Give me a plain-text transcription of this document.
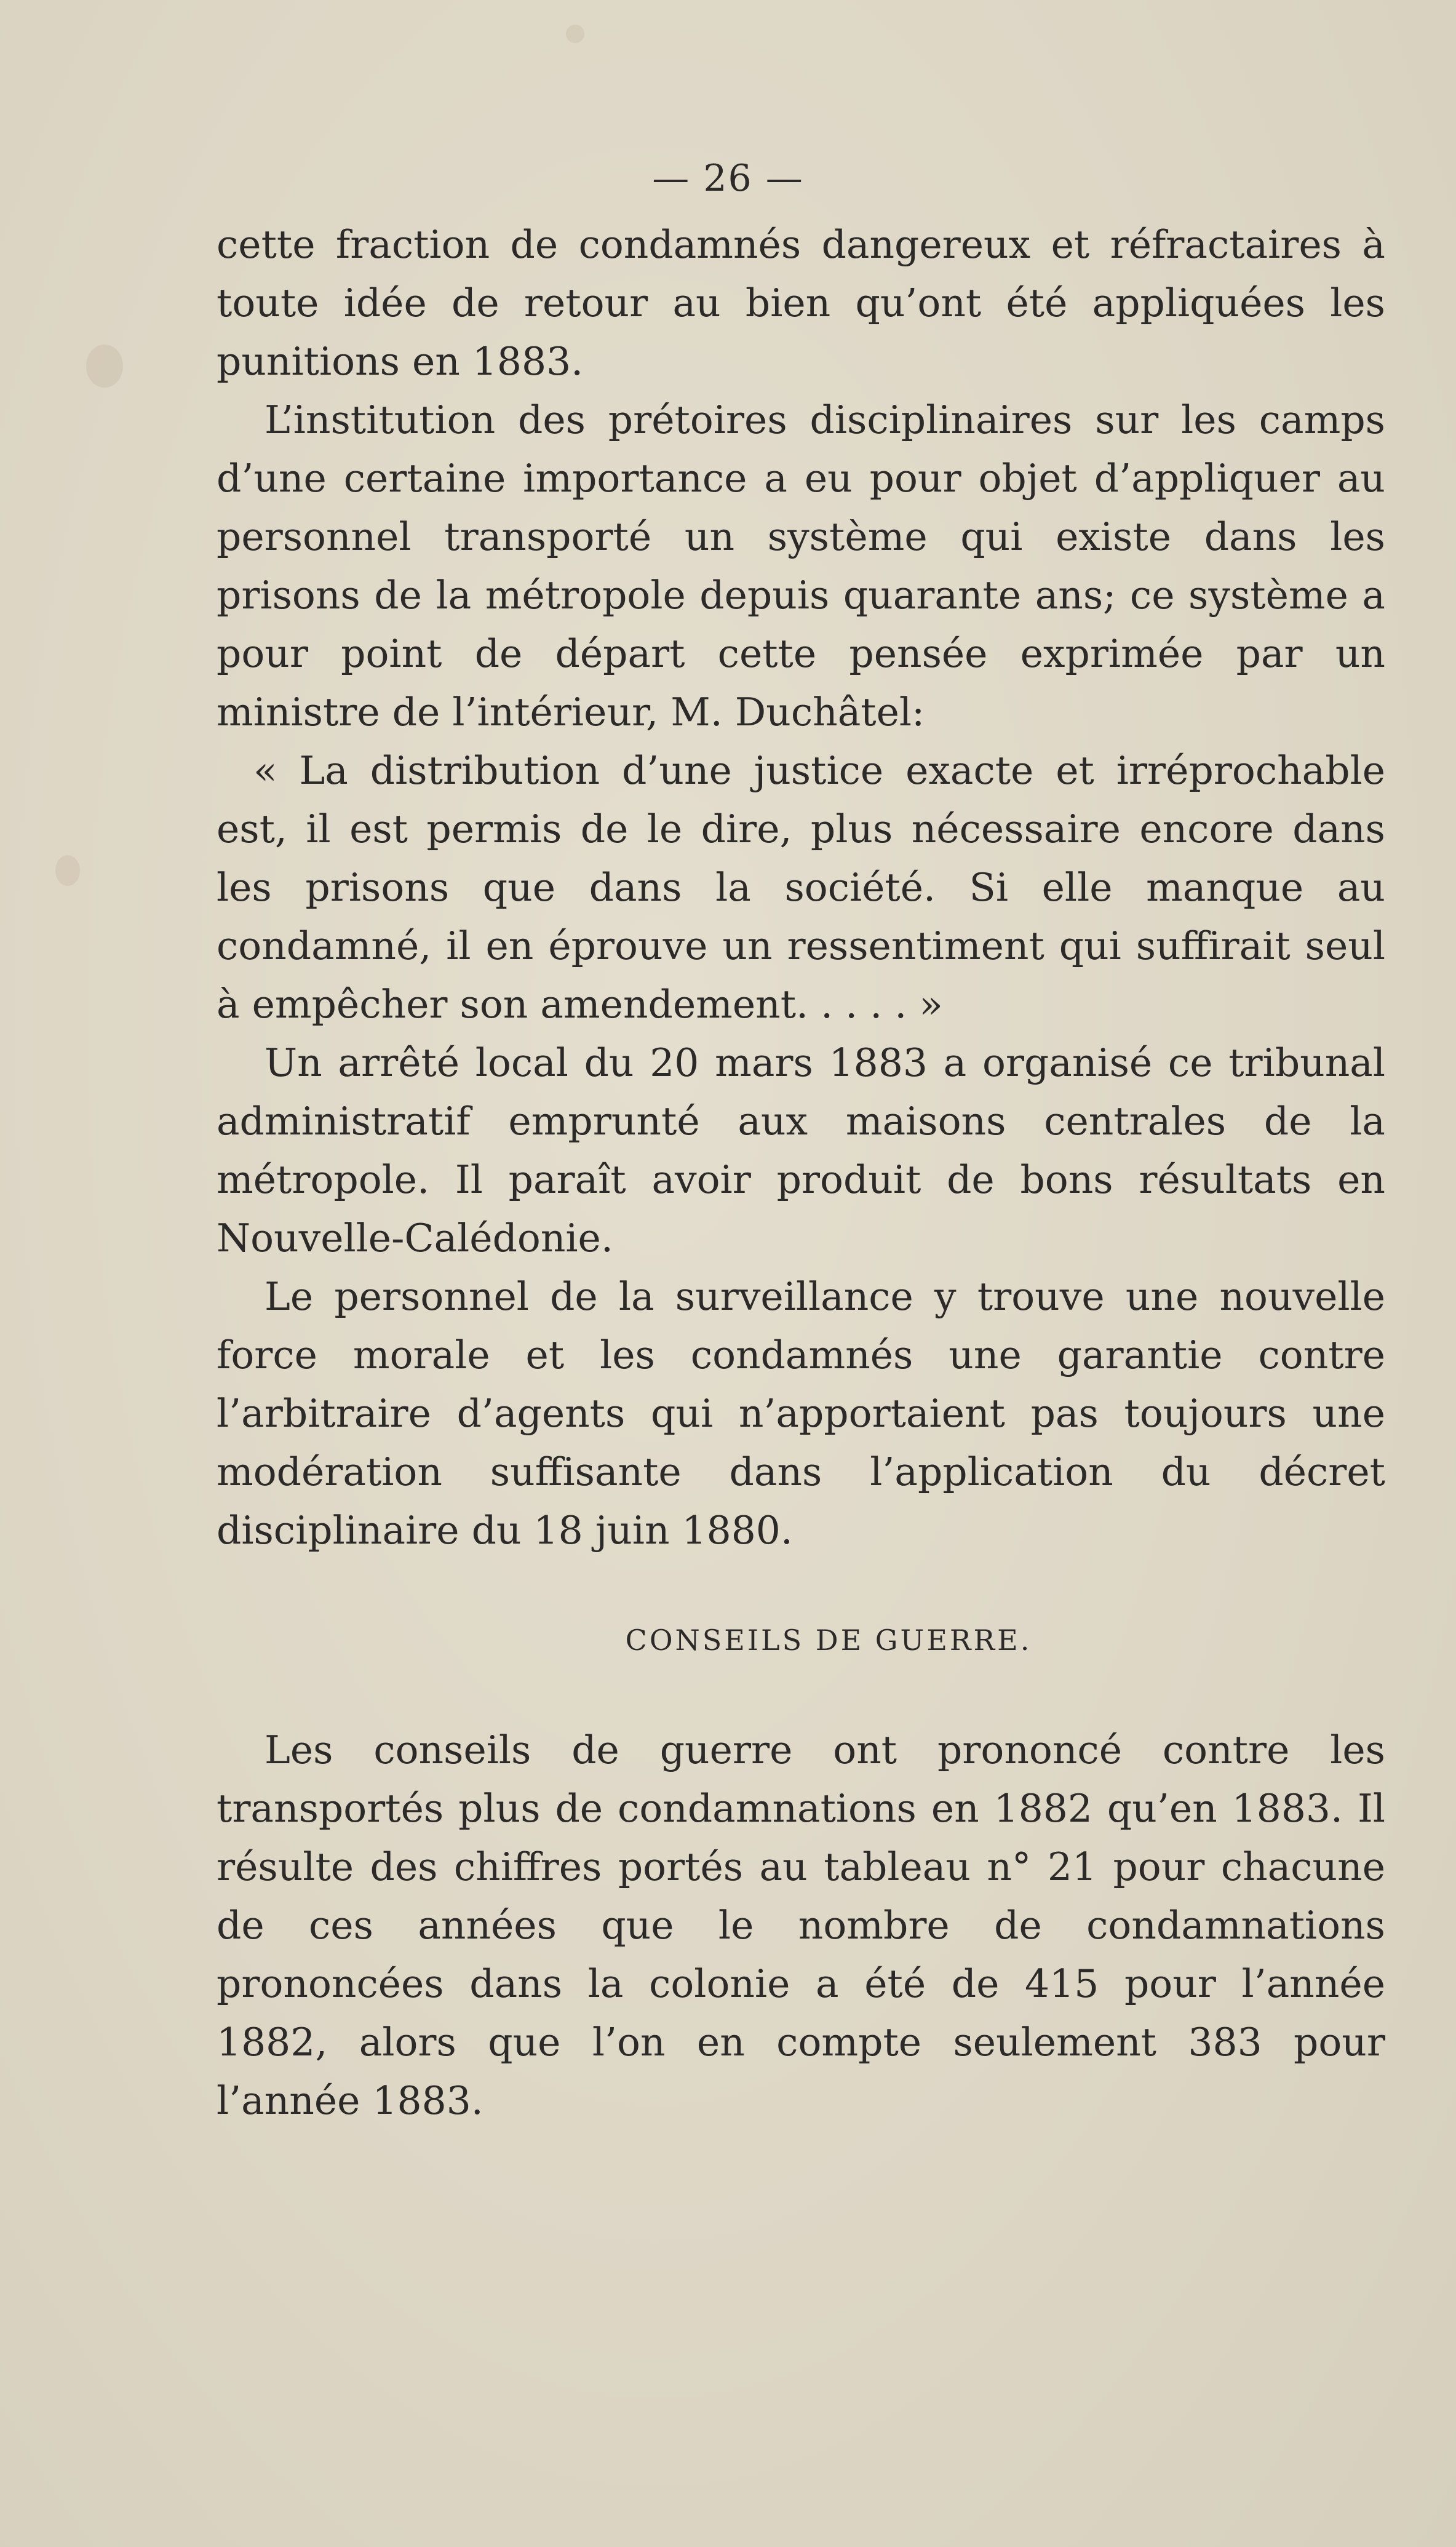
— 26 —

cette fraction de condamnés dangereux et réfractaires à toute idée de retour au bien qu’ont été appliquées les punitions en 1883.

L’institution des prétoires disciplinaires sur les camps d’une certaine importance a eu pour objet d’appliquer au personnel transporté un système qui existe dans les prisons de la métropole depuis quarante ans; ce système a pour point de départ cette pensée exprimée par un ministre de l’intérieur, M. Duchâtel:

« La distribution d’une justice exacte et irréprochable est, il est permis de le dire, plus nécessaire encore dans les prisons que dans la société. Si elle manque au condamné, il en éprouve un ressentiment qui suffirait seul à empêcher son amendement. . . . . »

Un arrêté local du 20 mars 1883 a organisé ce tribunal administratif emprunté aux maisons centrales de la métropole. Il paraît avoir produit de bons résultats en Nouvelle-Calédonie.

Le personnel de la surveillance y trouve une nouvelle force morale et les condamnés une garantie contre l’arbitraire d’agents qui n’apportaient pas toujours une modération suffisante dans l’application du décret disciplinaire du 18 juin 1880.

CONSEILS DE GUERRE.

Les conseils de guerre ont prononcé contre les transportés plus de condamnations en 1882 qu’en 1883. Il résulte des chiffres portés au tableau n° 21 pour chacune de ces années que le nombre de condamnations prononcées dans la colonie a été de 415 pour l’année 1882, alors que l’on en compte seulement 383 pour l’année 1883.
